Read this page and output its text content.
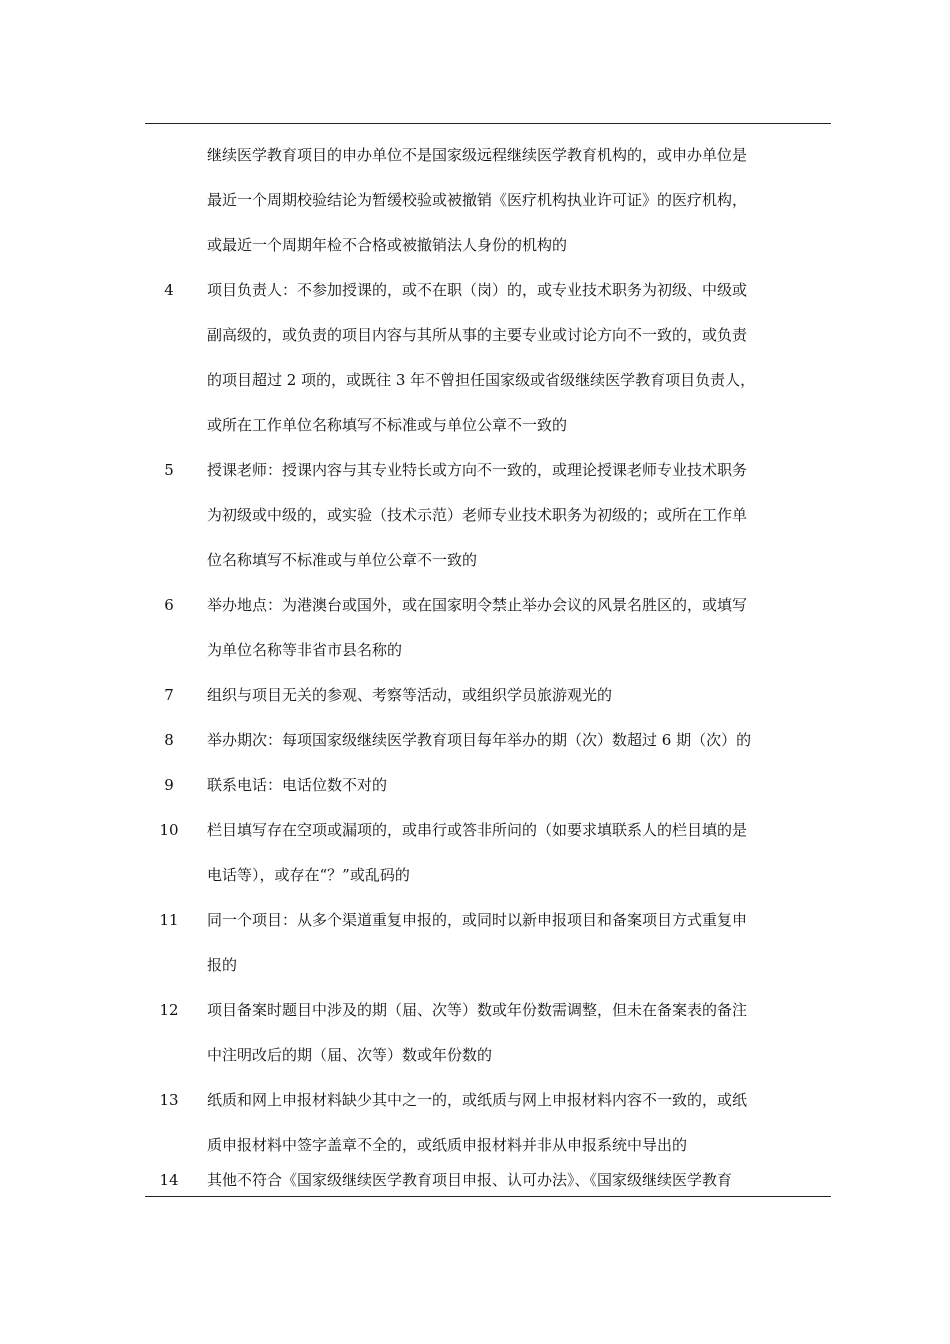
继续医学教育项目的申办单位不是国家级远程继续医学教育机构的，或申办单位是
最近一个周期校验结论为暂缓校验或被撤销《医疗机构执业许可证》的医疗机构，
或最近一个周期年检不合格或被撤销法人身份的机构的
4	项目负责人：不参加授课的，或不在职（岗）的，或专业技术职务为初级、中级或
副高级的，或负责的项目内容与其所从事的主要专业或讨论方向不一致的，或负责
的项目超过 2 项的，或既往 3 年不曾担任国家级或省级继续医学教育项目负责人，
或所在工作单位名称填写不标准或与单位公章不一致的
5	授课老师：授课内容与其专业特长或方向不一致的，或理论授课老师专业技术职务
为初级或中级的，或实验（技术示范）老师专业技术职务为初级的；或所在工作单
位名称填写不标准或与单位公章不一致的
6	举办地点：为港澳台或国外，或在国家明令禁止举办会议的风景名胜区的，或填写
为单位名称等非省市县名称的
7	组织与项目无关的参观、考察等活动，或组织学员旅游观光的
8	举办期次：每项国家级继续医学教育项目每年举办的期（次）数超过 6 期（次）的
9	联系电话：电话位数不对的
10	栏目填写存在空项或漏项的，或串行或答非所问的（如要求填联系人的栏目填的是
电话等），或存在“？”或乱码的
11	同一个项目：从多个渠道重复申报的，或同时以新申报项目和备案项目方式重复申
报的
12	项目备案时题目中涉及的期（届、次等）数或年份数需调整，但未在备案表的备注
中注明改后的期（届、次等）数或年份数的
13	纸质和网上申报材料缺少其中之一的，或纸质与网上申报材料内容不一致的，或纸
质申报材料中签字盖章不全的，或纸质申报材料并非从申报系统中导出的
14	其他不符合《国家级继续医学教育项目申报、认可办法》、《国家级继续医学教育
